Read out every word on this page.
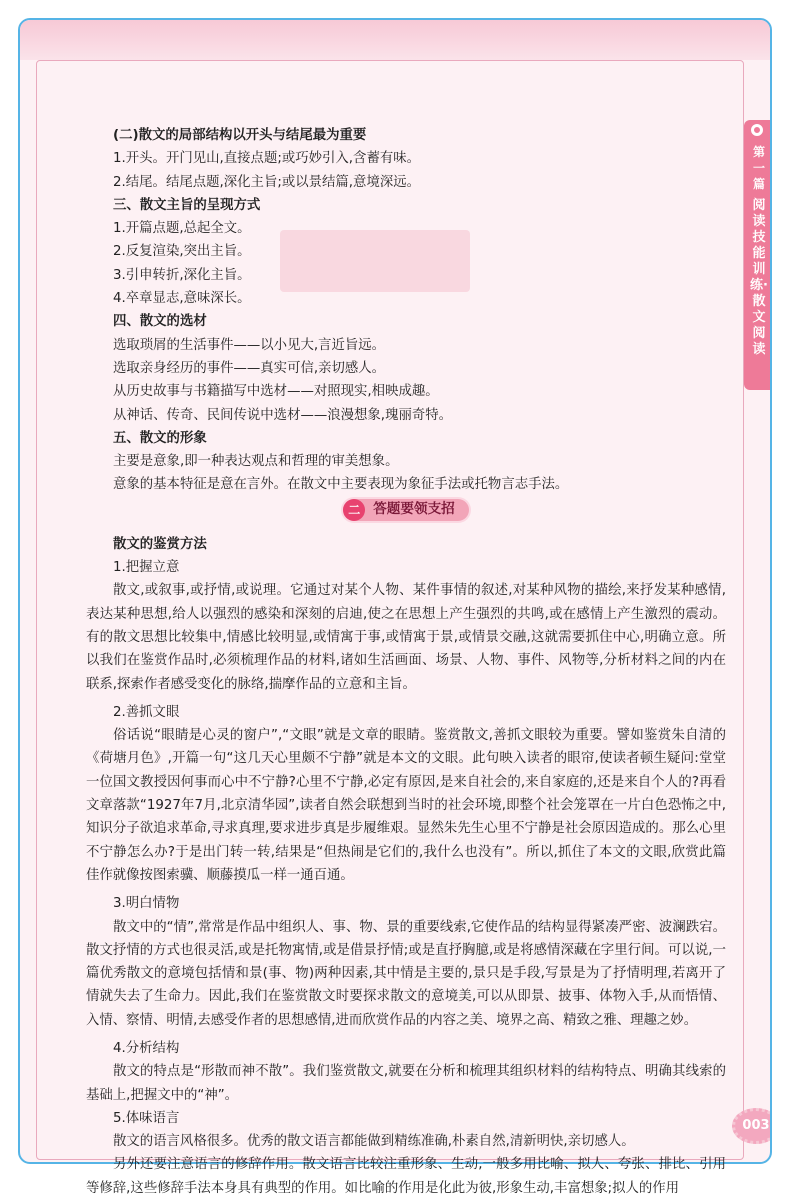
第一篇
阅读技能训练·散文阅读
003

(二)散文的局部结构以开头与结尾最为重要

1.开头。开门见山,直接点题;或巧妙引入,含蓄有味。

2.结尾。结尾点题,深化主旨;或以景结篇,意境深远。

三、散文主旨的呈现方式

1.开篇点题,总起全文。

2.反复渲染,突出主旨。

3.引申转折,深化主旨。

4.卒章显志,意味深长。

四、散文的选材

选取琐屑的生活事件——以小见大,言近旨远。

选取亲身经历的事件——真实可信,亲切感人。

从历史故事与书籍描写中选材——对照现实,相映成趣。

从神话、传奇、民间传说中选材——浪漫想象,瑰丽奇特。

五、散文的形象

主要是意象,即一种表达观点和哲理的审美想象。

意象的基本特征是意在言外。在散文中主要表现为象征手法或托物言志手法。

二 答题要领支招

散文的鉴赏方法

1.把握立意

散文,或叙事,或抒情,或说理。它通过对某个人物、某件事情的叙述,对某种风物的描绘,来抒发某种感情,表达某种思想,给人以强烈的感染和深刻的启迪,使之在思想上产生强烈的共鸣,或在感情上产生激烈的震动。有的散文思想比较集中,情感比较明显,或情寓于事,或情寓于景,或情景交融,这就需要抓住中心,明确立意。所以我们在鉴赏作品时,必须梳理作品的材料,诸如生活画面、场景、人物、事件、风物等,分析材料之间的内在联系,探索作者感受变化的脉络,揣摩作品的立意和主旨。

2.善抓文眼

俗话说“眼睛是心灵的窗户”,“文眼”就是文章的眼睛。鉴赏散文,善抓文眼较为重要。譬如鉴赏朱自清的《荷塘月色》,开篇一句“这几天心里颇不宁静”就是本文的文眼。此句映入读者的眼帘,使读者顿生疑问:堂堂一位国文教授因何事而心中不宁静?心里不宁静,必定有原因,是来自社会的,来自家庭的,还是来自个人的?再看文章落款“1927年7月,北京清华园”,读者自然会联想到当时的社会环境,即整个社会笼罩在一片白色恐怖之中,知识分子欲追求革命,寻求真理,要求进步真是步履维艰。显然朱先生心里不宁静是社会原因造成的。那么心里不宁静怎么办?于是出门转一转,结果是“但热闹是它们的,我什么也没有”。所以,抓住了本文的文眼,欣赏此篇佳作就像按图索骥、顺藤摸瓜一样一通百通。

3.明白情物

散文中的“情”,常常是作品中组织人、事、物、景的重要线索,它使作品的结构显得紧凑严密、波澜跌宕。散文抒情的方式也很灵活,或是托物寓情,或是借景抒情;或是直抒胸臆,或是将感情深藏在字里行间。可以说,一篇优秀散文的意境包括情和景(事、物)两种因素,其中情是主要的,景只是手段,写景是为了抒情明理,若离开了情就失去了生命力。因此,我们在鉴赏散文时要探求散文的意境美,可以从即景、披事、体物入手,从而悟情、入情、察情、明情,去感受作者的思想感情,进而欣赏作品的内容之美、境界之高、精致之雅、理趣之妙。

4.分析结构

散文的特点是“形散而神不散”。我们鉴赏散文,就要在分析和梳理其组织材料的结构特点、明确其线索的基础上,把握文中的“神”。

5.体味语言

散文的语言风格很多。优秀的散文语言都能做到精练准确,朴素自然,清新明快,亲切感人。

另外还要注意语言的修辞作用。散文语言比较注重形象、生动,一般多用比喻、拟人、夸张、排比、引用等修辞,这些修辞手法本身具有典型的作用。如比喻的作用是化此为彼,形象生动,丰富想象;拟人的作用
